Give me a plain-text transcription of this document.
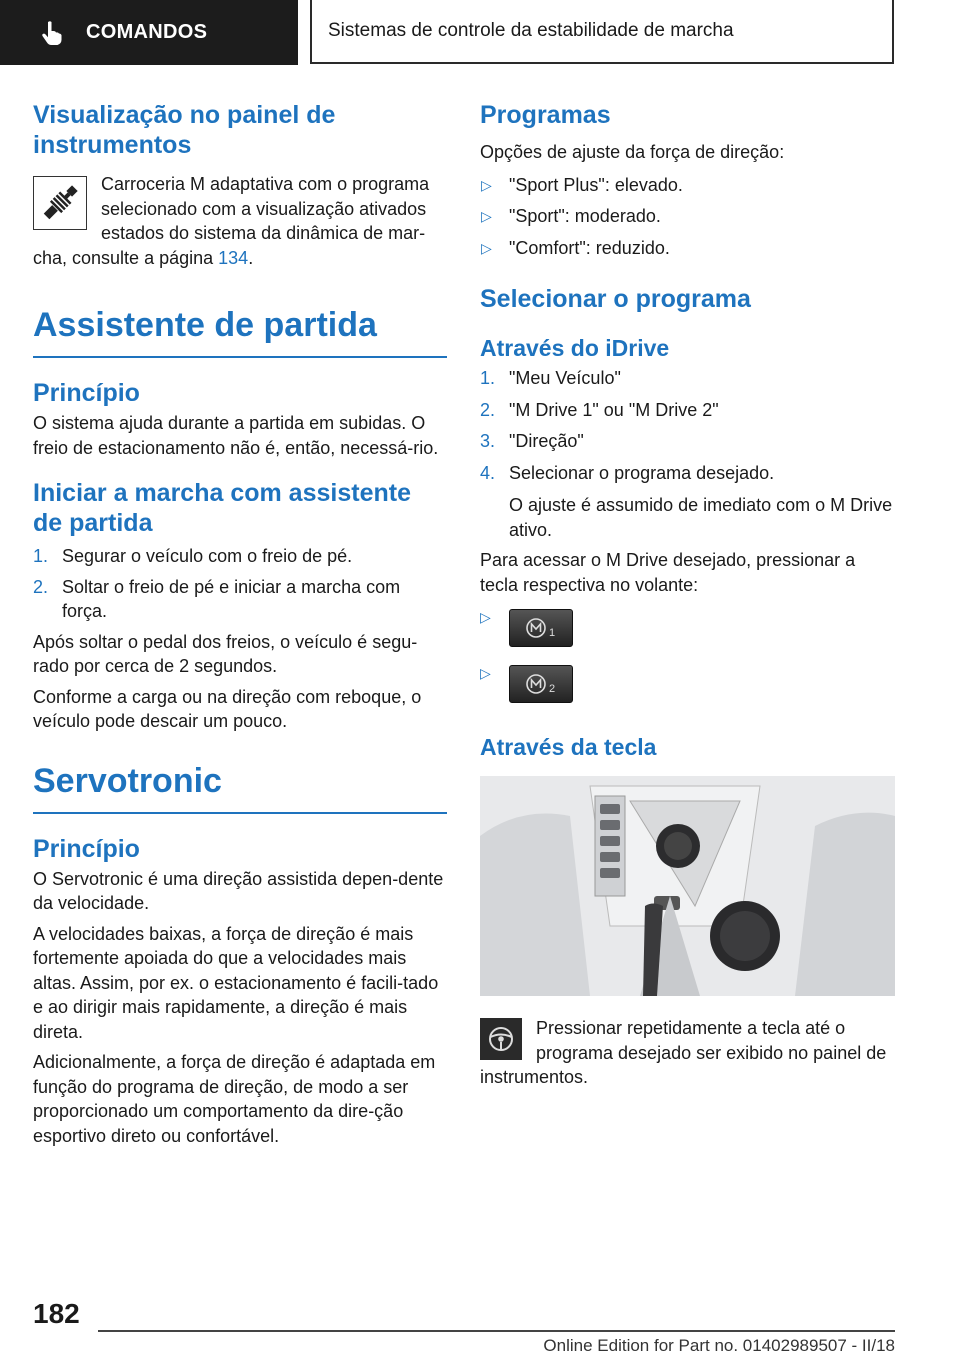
COMANDOS	Sistemas de controle da estabilidade de marcha
Visualização no painel de instrumentos

Carroceria M adaptativa com o programa selecionado com a visualização ativados estados do sistema da dinâmica de mar-cha, consulte a página 134.

Assistente de partida
Princípio

O sistema ajuda durante a partida em subidas. O freio de estacionamento não é, então, necessá-rio.

Iniciar a marcha com assistente de partida
1. Segurar o veículo com o freio de pé.
2. Soltar o freio de pé e iniciar a marcha com força.

Após soltar o pedal dos freios, o veículo é segu-rado por cerca de 2 segundos.

Conforme a carga ou na direção com reboque, o veículo pode descair um pouco.

Servotronic
Princípio

O Servotronic é uma direção assistida depen-dente da velocidade.

A velocidades baixas, a força de direção é mais fortemente apoiada do que a velocidades mais altas. Assim, por ex. o estacionamento é facili-tado e ao dirigir mais rapidamente, a direção é mais direta.

Adicionalmente, a força de direção é adaptada em função do programa de direção, de modo a ser proporcionado um comportamento da dire-ção esportivo direto ou confortável.

Programas

Opções de ajuste da força de direção:

▷ "Sport Plus": elevado.
▷ "Sport": moderado.
▷ "Comfort": reduzido.
Selecionar o programa
Através do iDrive
1. "Meu Veículo"
2. "M Drive 1" ou "M Drive 2"
3. "Direção"
4. Selecionar o programa desejado.

O ajuste é assumido de imediato com o M Drive ativo.

Para acessar o M Drive desejado, pressionar a tecla respectiva no volante:

▷
1
▷
2
Através da tecla

Pressionar repetidamente a tecla até o programa desejado ser exibido no painel de instrumentos.

182
Online Edition for Part no. 01402989507 - II/18
